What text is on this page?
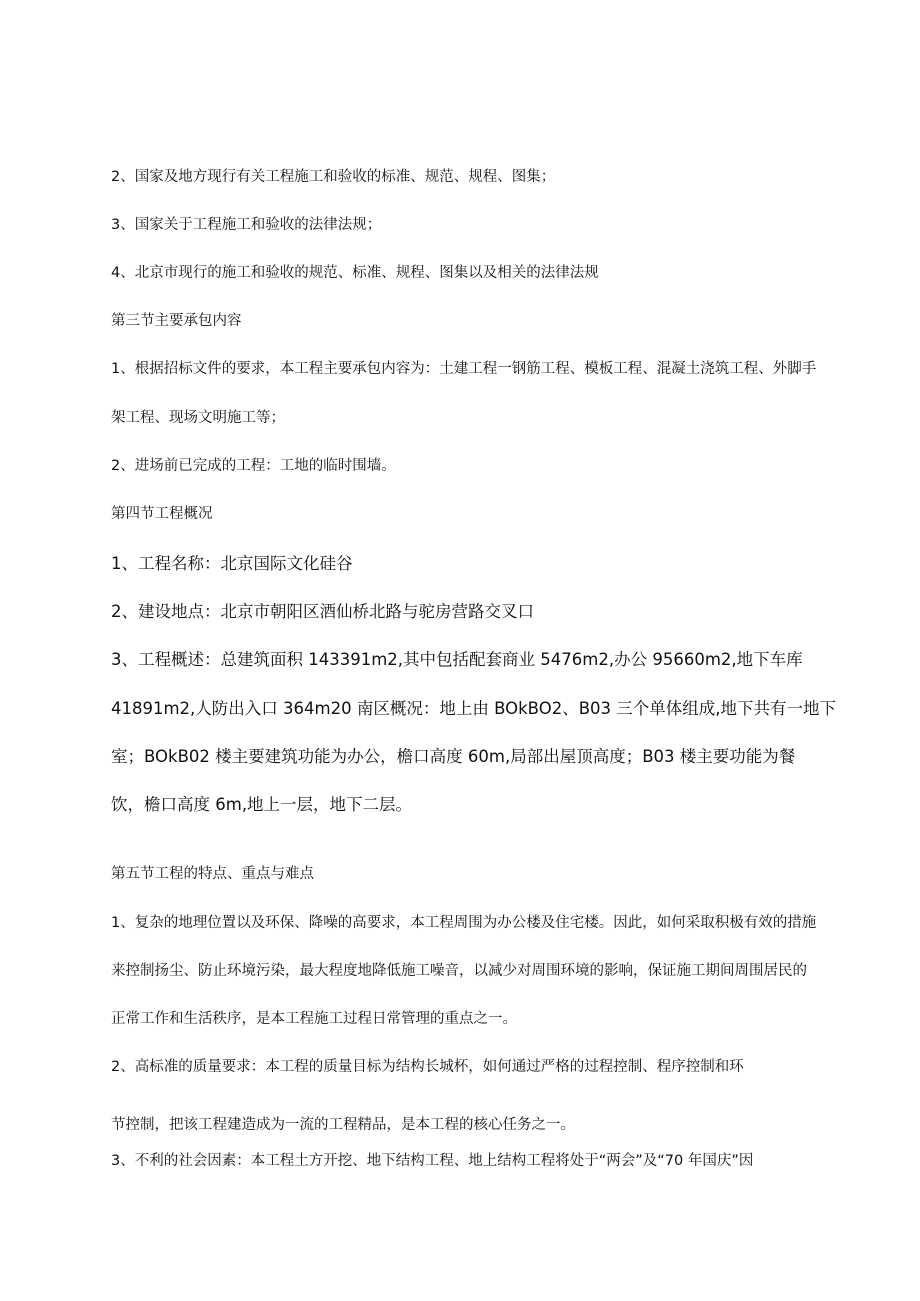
2、国家及地方现行有关工程施工和验收的标准、规范、规程、图集；

3、国家关于工程施工和验收的法律法规；

4、北京市现行的施工和验收的规范、标准、规程、图集以及相关的法律法规

第三节主要承包内容

1、根据招标文件的要求，本工程主要承包内容为：土建工程一钢筋工程、模板工程、混凝土浇筑工程、外脚手

架工程、现场文明施工等；

2、进场前已完成的工程：工地的临时围墙。

第四节工程概况

1、工程名称：北京国际文化硅谷

2、建设地点：北京市朝阳区酒仙桥北路与驼房营路交叉口

3、工程概述：总建筑面积 143391m2,其中包括配套商业 5476m2,办公 95660m2,地下车库

41891m2,人防出入口 364m20 南区概况：地上由 BOkBO2、B03 三个单体组成,地下共有一地下

室；BOkB02 楼主要建筑功能为办公，檐口高度 60m,局部出屋顶高度；B03 楼主要功能为餐

饮，檐口高度 6m,地上一层，地下二层。

第五节工程的特点、重点与难点

1、复杂的地理位置以及环保、降噪的高要求，本工程周围为办公楼及住宅楼。因此，如何采取积极有效的措施

来控制扬尘、防止环境污染，最大程度地降低施工噪音，以减少对周围环境的影响，保证施工期间周围居民的

正常工作和生活秩序，是本工程施工过程日常管理的重点之一。

2、高标准的质量要求：本工程的质量目标为结构长城杯，如何通过严格的过程控制、程序控制和环

节控制，把该工程建造成为一流的工程精品，是本工程的核心任务之一。

3、不利的社会因素：本工程土方开挖、地下结构工程、地上结构工程将处于“两会”及“70 年国庆”因
